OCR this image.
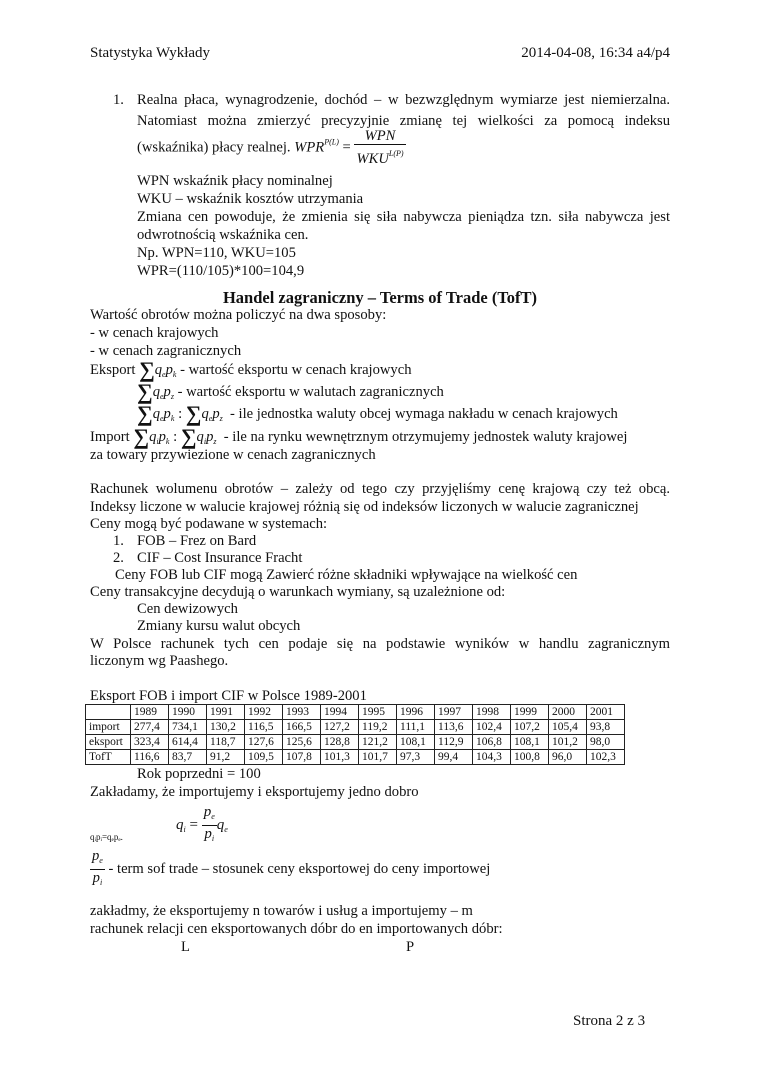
Statystyka Wykłady	2014-04-08, 16:34 a4/p4
1. Realna płaca, wynagrodzenie, dochód – w bezwzględnym wymiarze jest niemierzalna.
Natomiast można zmierzyć precyzyjnie zmianę tej wielkości za pomocą indeksu
(wskaźnika) płacy realnej. $WPR^{P(L)} = \frac{\text{WPN}}{WKU^{L(P)}}$
WPN wskaźnik płacy nominalnej
WKU – wskaźnik kosztów utrzymania
Zmiana cen powoduje, że zmienia się siła nabywcza pieniądza tzn. siła nabywcza jest
odwrotnością wskaźnika cen.
Np. WPN=110, WKU=105
WPR=(110/105)*100=104,9
Handel zagraniczny – Terms of Trade (TofT)
Wartość obrotów można policzyć na dwa sposoby:
- w cenach krajowych
- w cenach zagranicznych
Eksport $\sum q_ep_k$ - wartość eksportu w cenach krajowych
$\sum q_ep_z$ - wartość eksportu w walutach zagranicznych
$\sum q_ep_k$ : $\sum q_ep_z$ - ile jednostka waluty obcej wymaga nakładu w cenach krajowych
Import $\sum q_ip_k$ : $\sum q_ip_z$ - ile na rynku wewnętrznym otrzymujemy jednostek waluty krajowej
za towary przywiezione w cenach zagranicznych
Rachunek wolumenu obrotów – zależy od tego czy przyjęliśmy cenę krajową czy też obcą.
Indeksy liczone w walucie krajowej różnią się od indeksów liczonych w walucie zagranicznej
Ceny mogą być podawane w systemach:
1. FOB – Frez on Bard
2. CIF – Cost Insurance Fracht
Ceny FOB lub CIF mogą Zawierć różne składniki wpływające na wielkość cen
Ceny transakcyjne decydują o warunkach wymiany, są uzależnione od:
Cen dewizowych
Zmiany kursu walut obcych
W Polsce rachunek tych cen podaje się na podstawie wyników w handlu zagranicznym
liczonym wg Paashego.
Eksport FOB i import CIF w Polsce 1989-2001
	1989	1990	1991	1992	1993	1994	1995	1996	1997	1998	1999	2000	2001
import	277,4	734,1	130,2	116,5	166,5	127,2	119,2	111,1	113,6	102,4	107,2	105,4	93,8
eksport	323,4	614,4	118,7	127,6	125,6	128,8	121,2	108,1	112,9	106,8	108,1	101,2	98,0
TofT	116,6	83,7	91,2	109,5	107,8	101,3	101,7	97,3	99,4	104,3	100,8	96,0	102,3
Rok poprzedni = 100
Zakładamy, że importujemy i eksportujemy jedno dobro
$q_i = \frac{p_e}{p_i} q_e$
qᵢpᵢ=qₑpₑ.
$\frac{p_e}{p_i}$ - term sof trade – stosunek ceny eksportowej do ceny importowej
zakładmy, że eksportujemy n towarów i usług a importujemy – m
rachunek relacji cen eksportowanych dóbr do en importowanych dóbr:
L	P
Strona 2 z 3
